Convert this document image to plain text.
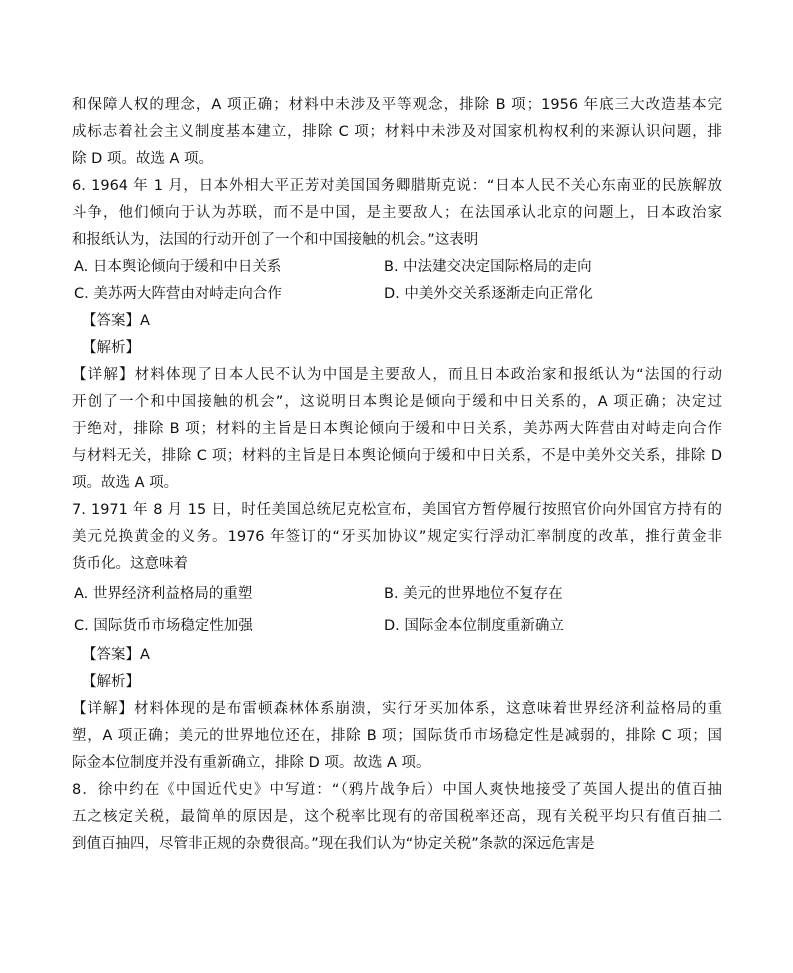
和保障人权的理念，A 项正确；材料中未涉及平等观念，排除 B 项；1956 年底三大改造基本完
成标志着社会主义制度基本建立，排除 C 项；材料中未涉及对国家机构权利的来源认识问题，排
除 D 项。故选 A 项。
6. 1964 年 1 月，日本外相大平正芳对美国国务卿腊斯克说：“日本人民不关心东南亚的民族解放
斗争，他们倾向于认为苏联，而不是中国，是主要敌人；在法国承认北京的问题上，日本政治家
和报纸认为，法国的行动开创了一个和中国接触的机会。”这表明
A. 日本舆论倾向于缓和中日关系	B. 中法建交决定国际格局的走向
C. 美苏两大阵营由对峙走向合作	D. 中美外交关系逐渐走向正常化
【答案】A
【解析】
【详解】材料体现了日本人民不认为中国是主要敌人，而且日本政治家和报纸认为“法国的行动
开创了一个和中国接触的机会”，这说明日本舆论是倾向于缓和中日关系的，A 项正确；决定过
于绝对，排除 B 项；材料的主旨是日本舆论倾向于缓和中日关系，美苏两大阵营由对峙走向合作
与材料无关，排除 C 项；材料的主旨是日本舆论倾向于缓和中日关系，不是中美外交关系，排除 D
项。故选 A 项。
7. 1971 年 8 月 15 日，时任美国总统尼克松宣布，美国官方暂停履行按照官价向外国官方持有的
美元兑换黄金的义务。1976 年签订的“牙买加协议”规定实行浮动汇率制度的改革，推行黄金非
货币化。这意味着
A. 世界经济利益格局的重塑	B. 美元的世界地位不复存在
C. 国际货币市场稳定性加强	D. 国际金本位制度重新确立
【答案】A
【解析】
【详解】材料体现的是布雷顿森林体系崩溃，实行牙买加体系，这意味着世界经济利益格局的重
塑，A 项正确；美元的世界地位还在，排除 B 项；国际货币市场稳定性是减弱的，排除 C 项；国
际金本位制度并没有重新确立，排除 D 项。故选 A 项。
8．徐中约在《中国近代史》中写道：“（鸦片战争后）中国人爽快地接受了英国人提出的值百抽
五之核定关税，最简单的原因是，这个税率比现有的帝国税率还高，现有关税平均只有值百抽二
到值百抽四，尽管非正规的杂费很高。”现在我们认为“协定关税”条款的深远危害是
